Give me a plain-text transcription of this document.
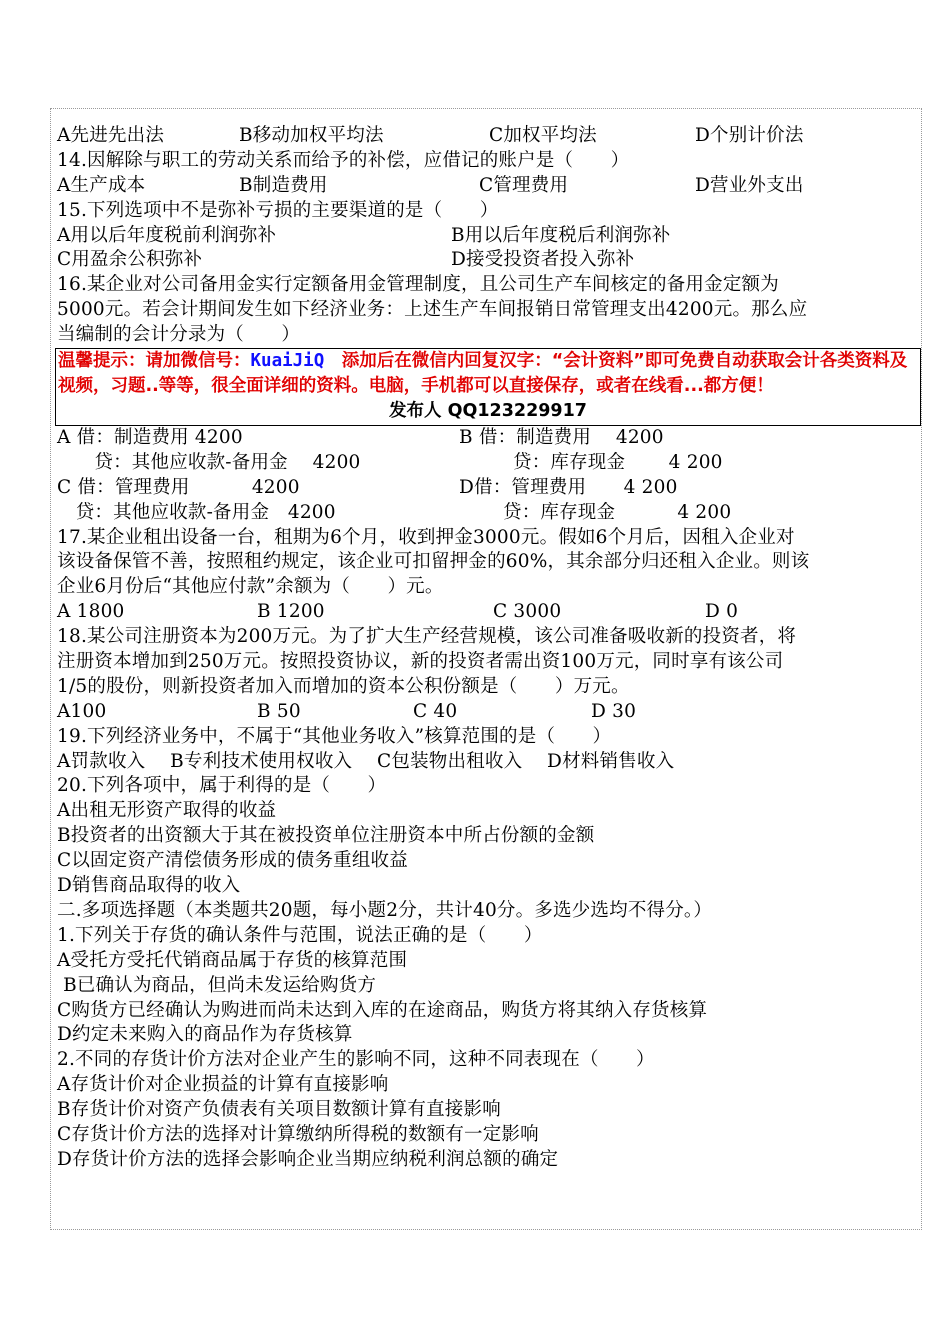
A先进先出法	B移动加权平均法	C加权平均法	D个别计价法
14.因解除与职工的劳动关系而给予的补偿，应借记的账户是（　　）
A生产成本	B制造费用	C管理费用	D营业外支出
15.下列选项中不是弥补亏损的主要渠道的是（　　）
A用以后年度税前利润弥补	B用以后年度税后利润弥补
C用盈余公积弥补	D接受投资者投入弥补
16.某企业对公司备用金实行定额备用金管理制度，且公司生产车间核定的备用金定额为
5000元。若会计期间发生如下经济业务：上述生产车间报销日常管理支出4200元。那么应
当编制的会计分录为（　　）
温馨提示：请加微信号：KuaiJiQ　添加后在微信内回复汉字：“会计资料”即可免费自动获取会计各类资料及视频，习题..等等，很全面详细的资料。电脑，手机都可以直接保存，或者在线看...都方便！
发布人 QQ123229917
A 借：制造费用 4200	B 借：制造费用　 4200
　　贷：其他应收款-备用金　 4200	贷：库存现金　　 4 200
C 借：管理费用　　　 4200	D借：管理费用　　4 200
　贷：其他应收款-备用金　4200	贷：库存现金　　　 4 200
17.某企业租出设备一台，租期为6个月，收到押金3000元。假如6个月后，因租入企业对
该设备保管不善，按照租约规定，该企业可扣留押金的60%，其余部分归还租入企业。则该
企业6月份后“其他应付款”余额为（　　）元。
A 1800	B 1200	C 3000	D 0
18.某公司注册资本为200万元。为了扩大生产经营规模，该公司准备吸收新的投资者，将
注册资本增加到250万元。按照投资协议，新的投资者需出资100万元，同时享有该公司
1/5的股份，则新投资者加入而增加的资本公积份额是（　　）万元。
A100	B 50	C 40	D 30
19.下列经济业务中，不属于“其他业务收入”核算范围的是（　　）
A罚款收入　 B专利技术使用权收入　 C包装物出租收入　 D材料销售收入
20.下列各项中，属于利得的是（　　）
A出租无形资产取得的收益
B投资者的出资额大于其在被投资单位注册资本中所占份额的金额
C以固定资产清偿债务形成的债务重组收益
D销售商品取得的收入
二.多项选择题（本类题共20题，每小题2分，共计40分。多选少选均不得分。）
1.下列关于存货的确认条件与范围，说法正确的是（　　）
A受托方受托代销商品属于存货的核算范围
B已确认为商品，但尚未发运给购货方
C购货方已经确认为购进而尚未达到入库的在途商品，购货方将其纳入存货核算
D约定未来购入的商品作为存货核算
2.不同的存货计价方法对企业产生的影响不同，这种不同表现在（　　）
A存货计价对企业损益的计算有直接影响
B存货计价对资产负债表有关项目数额计算有直接影响
C存货计价方法的选择对计算缴纳所得税的数额有一定影响
D存货计价方法的选择会影响企业当期应纳税利润总额的确定
